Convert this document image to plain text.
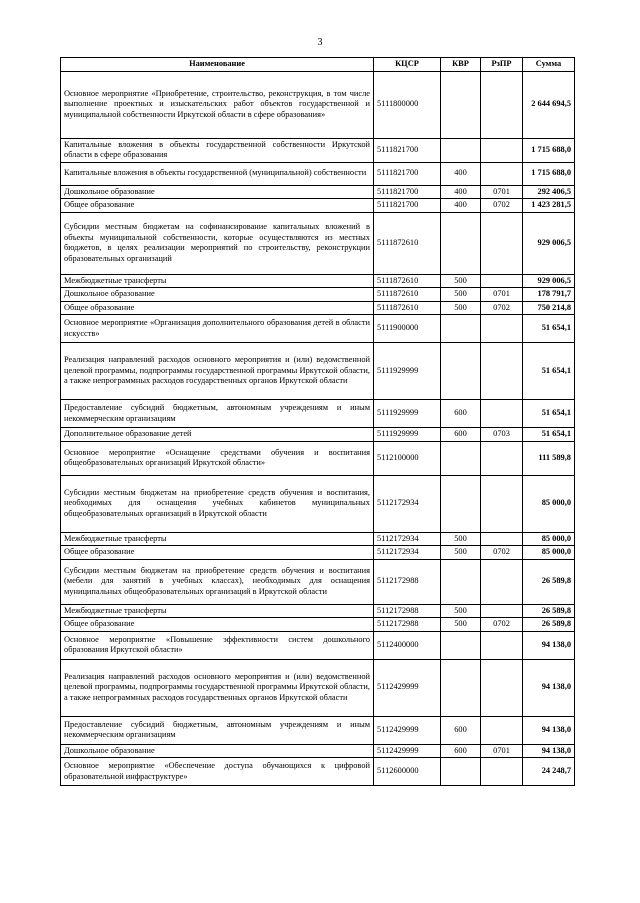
3
Наименование	КЦСР	КВР	РзПР	Сумма
Основное мероприятие «Приобретение, строительство, реконструкция, в том числе выполнение проектных и изыскательских работ объектов государственной и муниципальной собственности Иркутской области в сфере образования»	5111800000			2 644 694,5
Капитальные вложения в объекты государственной собственности Иркутской области в сфере образования	5111821700			1 715 688,0
Капитальные вложения в объекты государственной (муниципальной) собственности	5111821700	400		1 715 688,0
Дошкольное образование	5111821700	400	0701	292 406,5
Общее образование	5111821700	400	0702	1 423 281,5
Субсидии местным бюджетам на софинансирование капитальных вложений в объекты муниципальной собственности, которые осуществляются из местных бюджетов, в целях реализации мероприятий по строительству, реконструкции образовательных организаций	5111872610			929 006,5
Межбюджетные трансферты	5111872610	500		929 006,5
Дошкольное образование	5111872610	500	0701	178 791,7
Общее образование	5111872610	500	0702	750 214,8
Основное мероприятие «Организация дополнительного образования детей в области искусств»	5111900000			51 654,1
Реализация направлений расходов основного мероприятия и (или) ведомственной целевой программы, подпрограммы государственной программы Иркутской области, а также непрограммных расходов государственных органов Иркутской области	5111929999			51 654,1
Предоставление субсидий бюджетным, автономным учреждениям и иным некоммерческим организациям	5111929999	600		51 654,1
Дополнительное образование детей	5111929999	600	0703	51 654,1
Основное мероприятие «Оснащение средствами обучения и воспитания общеобразовательных организаций Иркутской области»	5112100000			111 589,8
Субсидии местным бюджетам на приобретение средств обучения и воспитания, необходимых для оснащения учебных кабинетов муниципальных общеобразовательных организаций в Иркутской области	5112172934			85 000,0
Межбюджетные трансферты	5112172934	500		85 000,0
Общее образование	5112172934	500	0702	85 000,0
Субсидии местным бюджетам на приобретение средств обучения и воспитания (мебели для занятий в учебных классах), необходимых для оснащения муниципальных общеобразовательных организаций в Иркутской области	5112172988			26 589,8
Межбюджетные трансферты	5112172988	500		26 589,8
Общее образование	5112172988	500	0702	26 589,8
Основное мероприятие «Повышение эффективности систем дошкольного образования Иркутской области»	5112400000			94 138,0
Реализация направлений расходов основного мероприятия и (или) ведомственной целевой программы, подпрограммы государственной программы Иркутской области, а также непрограммных расходов государственных органов Иркутской области	5112429999			94 138,0
Предоставление субсидий бюджетным, автономным учреждениям и иным некоммерческим организациям	5112429999	600		94 138,0
Дошкольное образование	5112429999	600	0701	94 138,0
Основное мероприятие «Обеспечение доступа обучающихся к цифровой образовательной инфраструктуре»	5112600000			24 248,7
